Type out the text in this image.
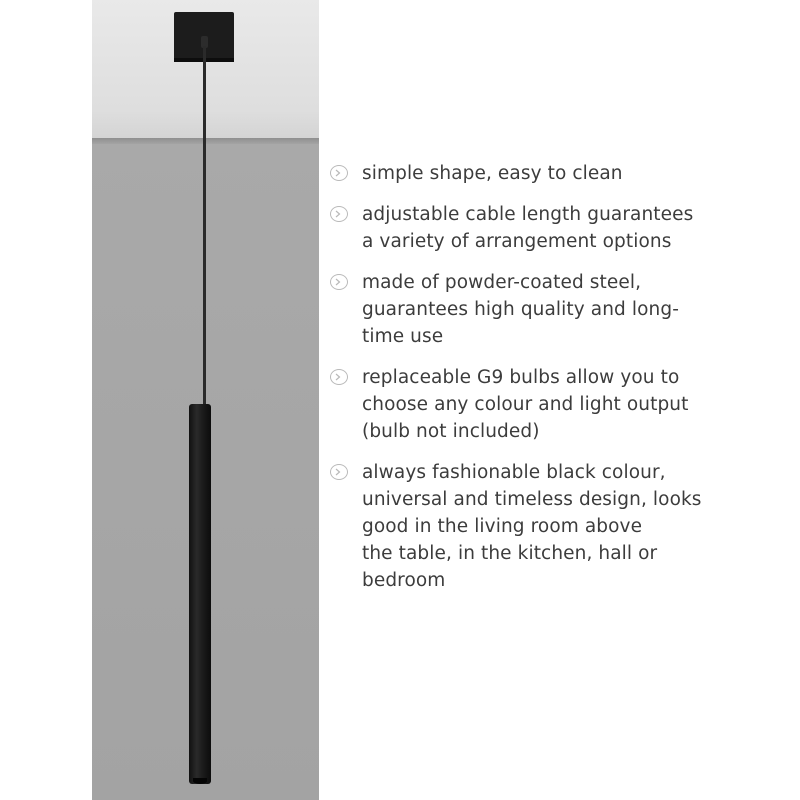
simple shape, easy to clean
adjustable cable length guarantees
a variety of arrangement options
made of powder-coated steel,
guarantees high quality and long-
time use
replaceable G9 bulbs allow you to
choose any colour and light output
(bulb not included)
always fashionable black colour,
universal and timeless design, looks
good in the living room above
the table, in the kitchen, hall or
bedroom
